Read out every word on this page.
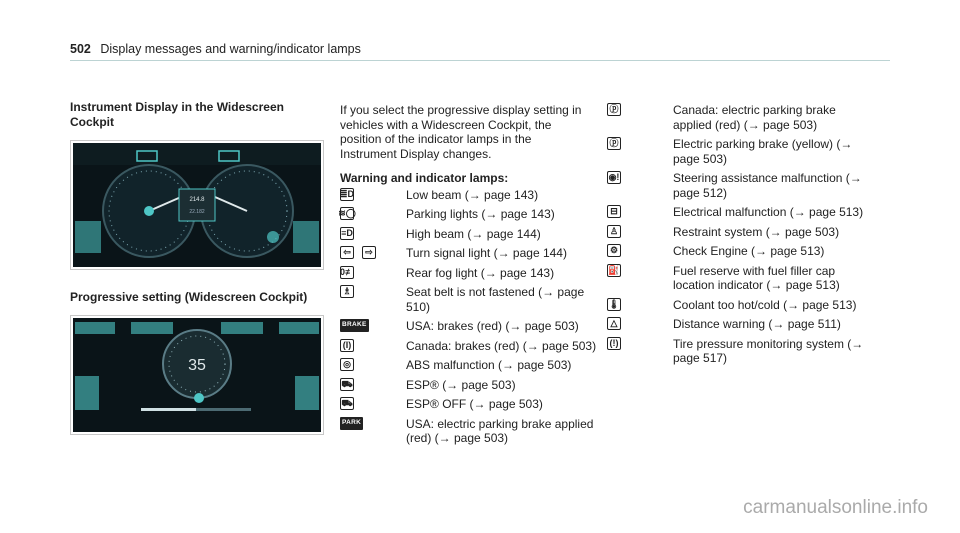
502 Display messages and warning/indicator lamps
Instrument Display in the Widescreen Cockpit
214.8
22.182
Progressive setting (Widescreen Cockpit)
35
If you select the progressive display setting in vehicles with a Widescreen Cockpit, the position of the indicator lamps in the Instrument Display changes.
Warning and indicator lamps:
≣D	Low beam (→ page 143)
≋◯	Parking lights (→ page 143)
≡D	High beam (→ page 144)
⇦	⇨	Turn signal light (→ page 144)
0≢	Rear fog light (→ page 143)
♗	Seat belt is not fastened (→ page 510)
BRAKE	USA: brakes (red) (→ page 503)
(I)	Canada: brakes (red) (→ page 503)
◎	ABS malfunction (→ page 503)
⛟	ESP® (→ page 503)
⛟	ESP® OFF (→ page 503)
PARK	USA: electric parking brake applied (red) (→ page 503)
ⓟ	Canada: electric parking brake applied (red) (→ page 503)
ⓟ	Electric parking brake (yellow) (→ page 503)
◉!	Steering assistance malfunction (→ page 512)
⊟	Electrical malfunction (→ page 513)
♙	Restraint system (→ page 503)
⚙	Check Engine (→ page 513)
⛽	Fuel reserve with fuel filler cap location indicator (→ page 513)
🌡	Coolant too hot/cold (→ page 513)
△	Distance warning (→ page 511)
(!)	Tire pressure monitoring system (→ page 517)
carmanualsonline.info
